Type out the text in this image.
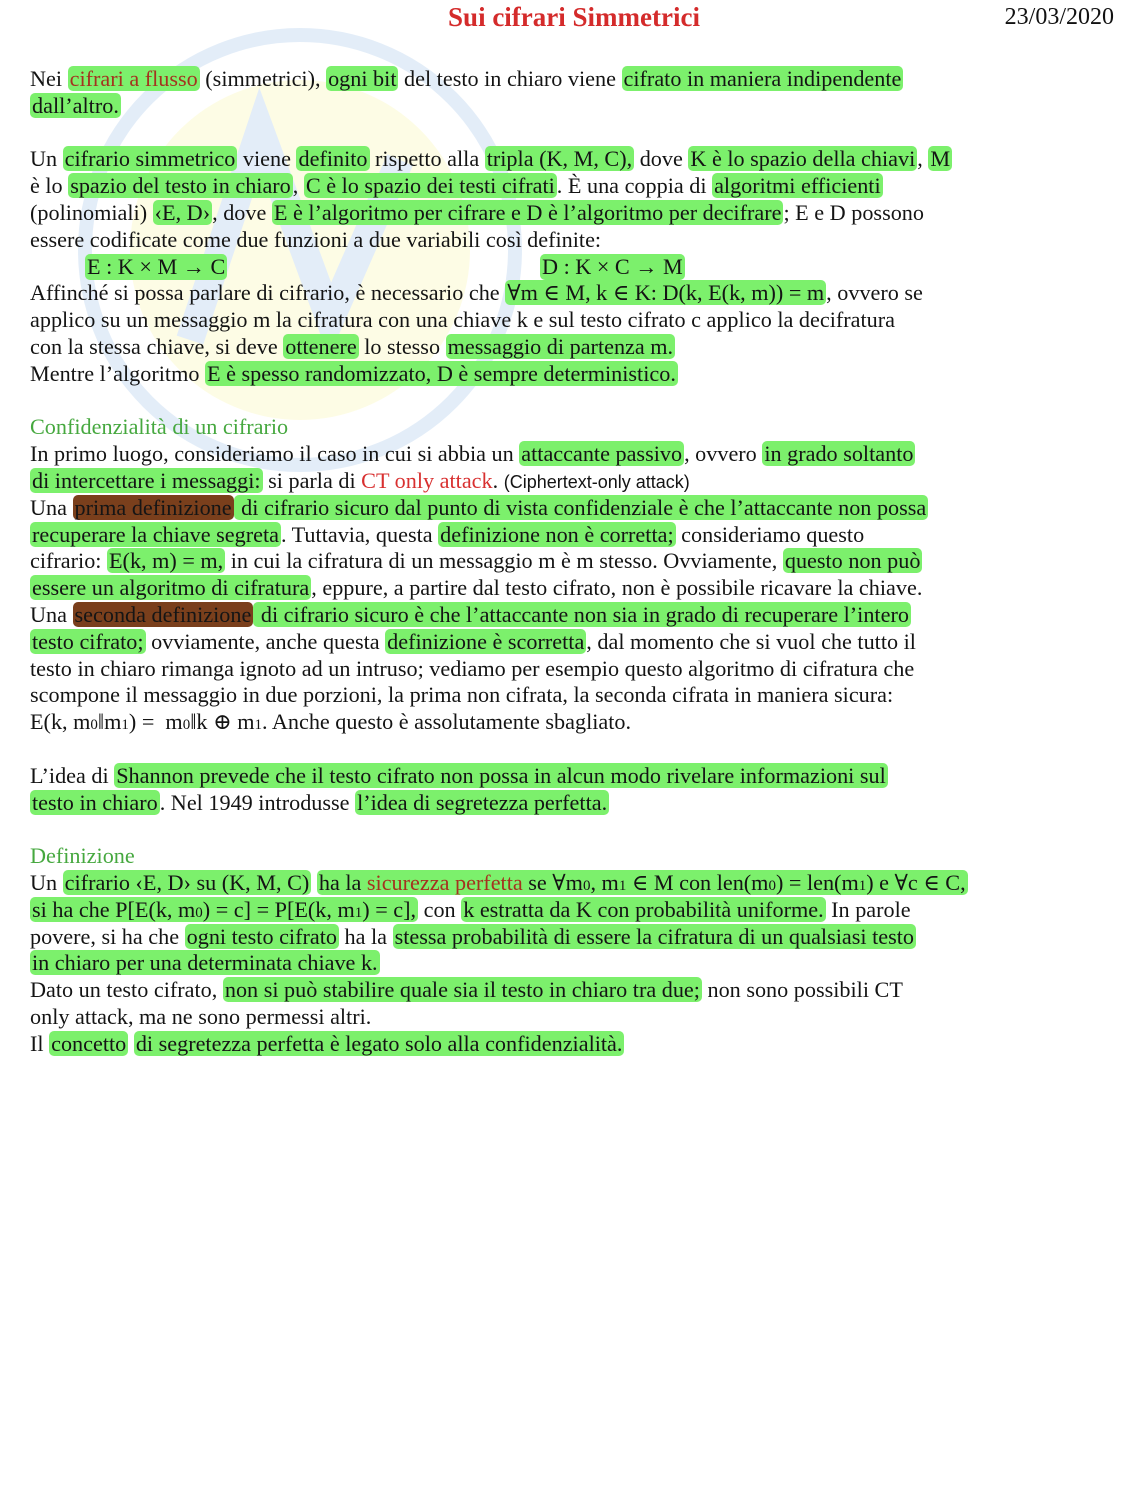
Sui cifrari Simmetrici	23/03/2020
Nei cifrari a flusso (simmetrici), ogni bit del testo in chiaro viene cifrato in maniera indipendente
dall’altro.
Un cifrario simmetrico viene definito rispetto alla tripla (K, M, C), dove K è lo spazio della chiavi, M
è lo spazio del testo in chiaro, C è lo spazio dei testi cifrati. È una coppia di algoritmi efficienti
(polinomiali) ‹E, D›, dove E è l’algoritmo per cifrare e D è l’algoritmo per decifrare; E e D possono
essere codificate come due funzioni a due variabili così definite:
E : K × M → C	D : K × C → M
Affinché si possa parlare di cifrario, è necessario che ∀m ∈ M, k ∈ K: D(k, E(k, m)) = m, ovvero se
applico su un messaggio m la cifratura con una chiave k e sul testo cifrato c applico la decifratura
con la stessa chiave, si deve ottenere lo stesso messaggio di partenza m.
Mentre l’algoritmo E è spesso randomizzato, D è sempre deterministico.
Confidenzialità di un cifrario
In primo luogo, consideriamo il caso in cui si abbia un attaccante passivo, ovvero in grado soltanto
di intercettare i messaggi: si parla di CT only attack. (Ciphertext-only attack)
Una prima definizione di cifrario sicuro dal punto di vista confidenziale è che l’attaccante non possa
recuperare la chiave segreta. Tuttavia, questa definizione non è corretta; consideriamo questo
cifrario: E(k, m) = m, in cui la cifratura di un messaggio m è m stesso. Ovviamente, questo non può
essere un algoritmo di cifratura, eppure, a partire dal testo cifrato, non è possibile ricavare la chiave.
Una seconda definizione di cifrario sicuro è che l’attaccante non sia in grado di recuperare l’intero
testo cifrato; ovviamente, anche questa definizione è scorretta, dal momento che si vuol che tutto il
testo in chiaro rimanga ignoto ad un intruso; vediamo per esempio questo algoritmo di cifratura che
scompone il messaggio in due porzioni, la prima non cifrata, la seconda cifrata in maniera sicura:
E(k, m0‖m1) =  m0‖k ⊕ m1. Anche questo è assolutamente sbagliato.
L’idea di Shannon prevede che il testo cifrato non possa in alcun modo rivelare informazioni sul
testo in chiaro. Nel 1949 introdusse l’idea di segretezza perfetta.
Definizione
Un cifrario ‹E, D› su (K, M, C) ha la sicurezza perfetta se ∀m0, m1 ∈ M con len(m0) = len(m1) e ∀c ∈ C,
si ha che P[E(k, m0) = c] = P[E(k, m1) = c], con k estratta da K con probabilità uniforme. In parole
povere, si ha che ogni testo cifrato ha la stessa probabilità di essere la cifratura di un qualsiasi testo
in chiaro per una determinata chiave k.
Dato un testo cifrato, non si può stabilire quale sia il testo in chiaro tra due; non sono possibili CT
only attack, ma ne sono permessi altri.
Il concetto di segretezza perfetta è legato solo alla confidenzialità.
